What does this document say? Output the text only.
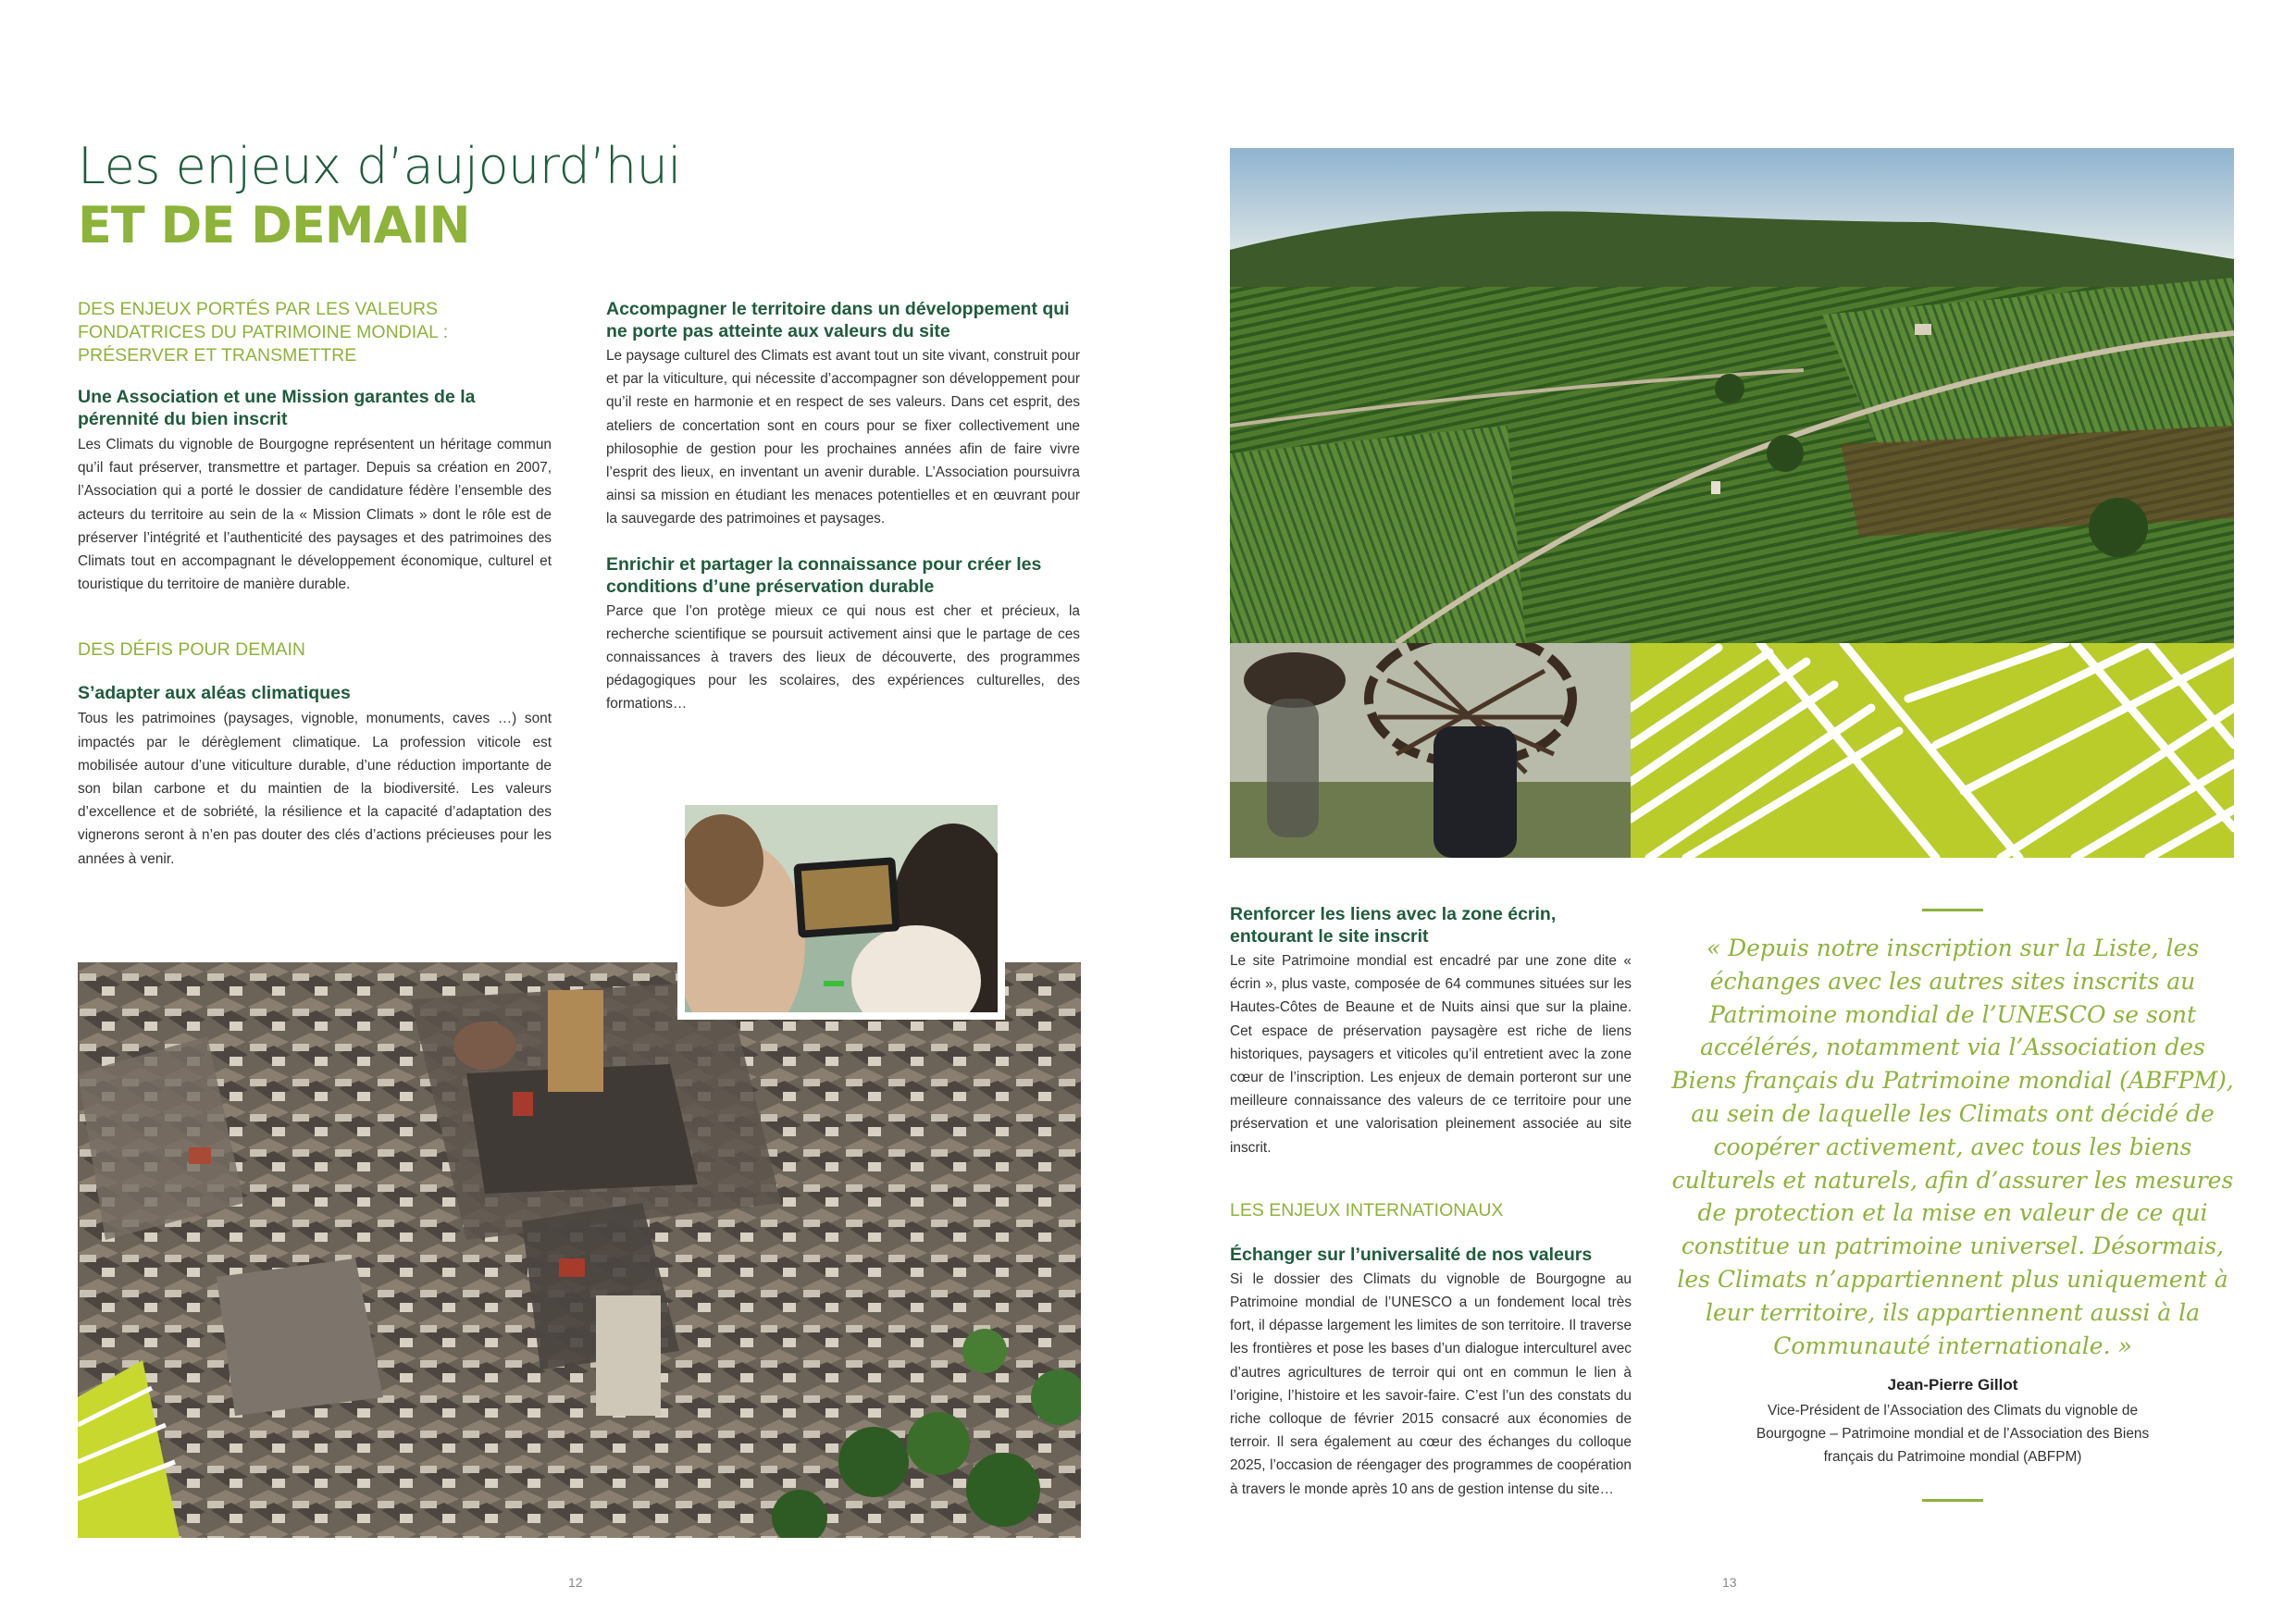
Les enjeux d’aujourd’hui
ET DE DEMAIN
DES ENJEUX PORTÉS PAR LES VALEURS FONDATRICES DU PATRIMOINE MONDIAL : PRÉSERVER ET TRANSMETTRE
Une Association et une Mission garantes de la pérennité du bien inscrit
Les Climats du vignoble de Bourgogne représentent un héritage commun qu’il faut préserver, transmettre et partager. Depuis sa création en 2007, l’Association qui a porté le dossier de candidature fédère l’ensemble des acteurs du territoire au sein de la « Mission Climats » dont le rôle est de préserver l’intégrité et l’authenticité des paysages et des patrimoines des Climats tout en accompagnant le développement économique, culturel et touristique du territoire de manière durable.
DES DÉFIS POUR DEMAIN
S’adapter aux aléas climatiques
Tous les patrimoines (paysages, vignoble, monuments, caves …) sont impactés par le dérèglement climatique. La profession viticole est mobilisée autour d’une viticulture durable, d’une réduction importante de son bilan carbone et du maintien de la biodiversité. Les valeurs d’excellence et de sobriété, la résilience et la capacité d’adaptation des vignerons seront à n’en pas douter des clés d’actions précieuses pour les années à venir.
Accompagner le territoire dans un développement qui ne porte pas atteinte aux valeurs du site
Le paysage culturel des Climats est avant tout un site vivant, construit pour et par la viticulture, qui nécessite d’accompagner son développement pour qu’il reste en harmonie et en respect de ses valeurs. Dans cet esprit, des ateliers de concertation sont en cours pour se fixer collectivement une philosophie de gestion pour les prochaines années afin de faire vivre l’esprit des lieux, en inventant un avenir durable. L’Association poursuivra ainsi sa mission en étudiant les menaces potentielles et en œuvrant pour la sauvegarde des patrimoines et paysages.
Enrichir et partager la connaissance pour créer les conditions d’une préservation durable
Parce que l’on protège mieux ce qui nous est cher et précieux, la recherche scientifique se poursuit activement ainsi que le partage de ces connaissances à travers des lieux de découverte, des programmes pédagogiques pour les scolaires, des expériences culturelles, des formations…
12
Renforcer les liens avec la zone écrin, entourant le site inscrit
Le site Patrimoine mondial est encadré par une zone dite « écrin », plus vaste, composée de 64 communes situées sur les Hautes-Côtes de Beaune et de Nuits ainsi que sur la plaine. Cet espace de préservation paysagère est riche de liens historiques, paysagers et viticoles qu’il entretient avec la zone cœur de l’inscription. Les enjeux de demain porteront sur une meilleure connaissance des valeurs de ce territoire pour une préservation et une valorisation pleinement associée au site inscrit.
LES ENJEUX INTERNATIONAUX
Échanger sur l’universalité de nos valeurs
Si le dossier des Climats du vignoble de Bourgogne au Patrimoine mondial de l’UNESCO a un fondement local très fort, il dépasse largement les limites de son territoire. Il traverse les frontières et pose les bases d’un dialogue interculturel avec d’autres agricultures de terroir qui ont en commun le lien à l’origine, l’histoire et les savoir-faire. C’est l’un des constats du riche colloque de février 2015 consacré aux économies de terroir. Il sera également au cœur des échanges du colloque 2025, l’occasion de réengager des programmes de coopération à travers le monde après 10 ans de gestion intense du site…
« Depuis notre inscription sur la Liste, les échanges avec les autres sites inscrits au Patrimoine mondial de l’UNESCO se sont accélérés, notamment via l’Association des Biens français du Patrimoine mondial (ABFPM), au sein de laquelle les Climats ont décidé de coopérer activement, avec tous les biens culturels et naturels, afin d’assurer les mesures de protection et la mise en valeur de ce qui constitue un patrimoine universel. Désormais, les Climats n’appartiennent plus uniquement à leur territoire, ils appartiennent aussi à la Communauté internationale. »
Jean-Pierre Gillot
Vice-Président de l’Association des Climats du vignoble de Bourgogne – Patrimoine mondial et de l’Association des Biens français du Patrimoine mondial (ABFPM)
13
